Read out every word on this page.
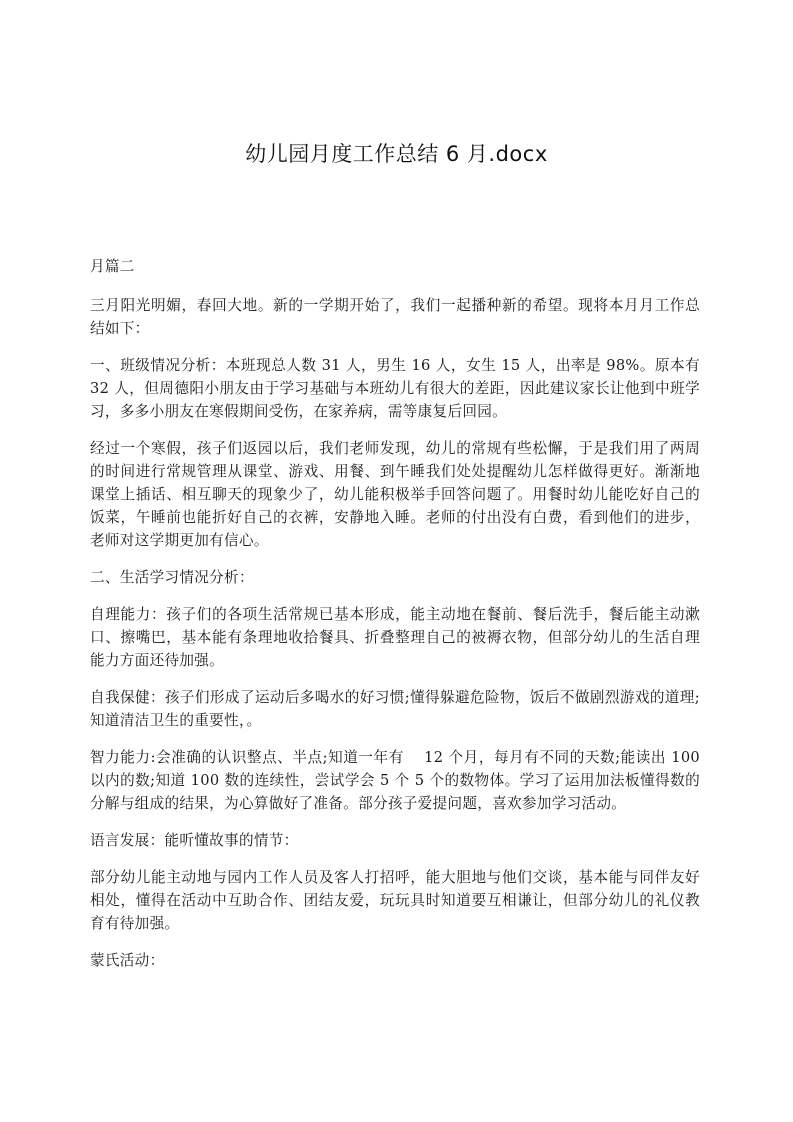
幼儿园月度工作总结 6 月.docx

月篇二

三月阳光明媚，春回大地。新的一学期开始了，我们一起播种新的希望。现将本月月工作总结如下：

一、班级情况分析：本班现总人数 31 人，男生 16 人，女生 15 人，出率是 98%。原本有 32 人，但周德阳小朋友由于学习基础与本班幼儿有很大的差距，因此建议家长让他到中班学习，多多小朋友在寒假期间受伤，在家养病，需等康复后回园。

经过一个寒假，孩子们返园以后，我们老师发现，幼儿的常规有些松懈，于是我们用了两周的时间进行常规管理从课堂、游戏、用餐、到午睡我们处处提醒幼儿怎样做得更好。渐渐地课堂上插话、相互聊天的现象少了，幼儿能积极举手回答问题了。用餐时幼儿能吃好自己的饭菜，午睡前也能折好自己的衣裤，安静地入睡。老师的付出没有白费，看到他们的进步，老师对这学期更加有信心。

二、生活学习情况分析：

自理能力：孩子们的各项生活常规已基本形成，能主动地在餐前、餐后洗手，餐后能主动漱口、擦嘴巴，基本能有条理地收拾餐具、折叠整理自己的被褥衣物，但部分幼儿的生活自理能力方面还待加强。

自我保健：孩子们形成了运动后多喝水的好习惯;懂得躲避危险物，饭后不做剧烈游戏的道理;知道清洁卫生的重要性，。

智力能力:会准确的认识整点、半点;知道一年有　 12 个月，每月有不同的天数;能读出 100 以内的数;知道 100 数的连续性，尝试学会 5 个 5 个的数物体。学习了运用加法板懂得数的分解与组成的结果，为心算做好了准备。部分孩子爱提问题，喜欢参加学习活动。

语言发展：能听懂故事的情节：

部分幼儿能主动地与园内工作人员及客人打招呼，能大胆地与他们交谈，基本能与同伴友好相处，懂得在活动中互助合作、团结友爱，玩玩具时知道要互相谦让，但部分幼儿的礼仪教育有待加强。

蒙氏活动：
